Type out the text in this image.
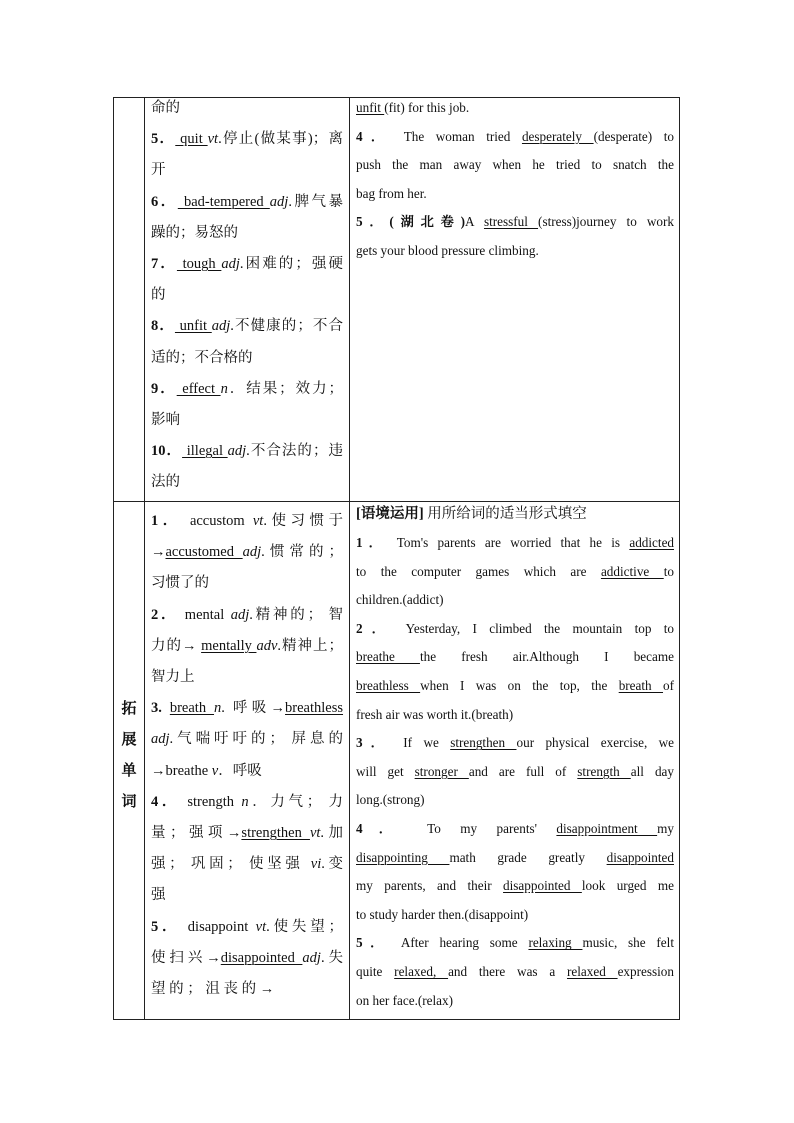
命的
5． quit vt.停止(做某事)；离
开
6． bad-tempered adj.脾气暴
躁的；易怒的
7． tough adj.困难的；强硬
的
8． unfit adj.不健康的；不合
适的；不合格的
9． effect n．结果；效力；
影响
10． illegal adj.不合法的；违
法的
unfit (fit) for this job.
4． The woman tried desperately (desperate) to
push the man away when he tried to snatch the
bag from her.
5．(湖北卷)A stressful (stress)journey to work
gets your blood pressure climbing.
拓
展
单
词
1． accustom vt.使习惯于
→accustomed adj.惯常的；
习惯了的
2． mental adj.精神的； 智
力的→ mentally adv.精神上；
智力上
3. breath n. 呼吸→breathless
adj.气喘吁吁的； 屏息的
→breathe v．呼吸
4． strength n．力气； 力
量；强项→strengthen vt.加
强； 巩固； 使坚强 vi.变
强
5． disappoint vt.使失望；
使扫兴→disappointed adj.失
望 的 ； 沮 丧 的 →
[语境运用] 用所给词的适当形式填空
1． Tom's parents are worried that he is addicted
to the computer games which are addictive to
children.(addict)
2． Yesterday, I climbed the mountain top to
breathe the fresh air.Although I became
breathless when I was on the top, the breath of
fresh air was worth it.(breath)
3． If we strengthen our physical exercise, we
will get stronger and are full of strength all day
long.(strong)
4． To my parents' disappointment my
disappointing math grade greatly disappointed
my parents, and their disappointed look urged me
to study harder then.(disappoint)
5． After hearing some relaxing music, she felt
quite relaxed, and there was a relaxed expression
on her face.(relax)
